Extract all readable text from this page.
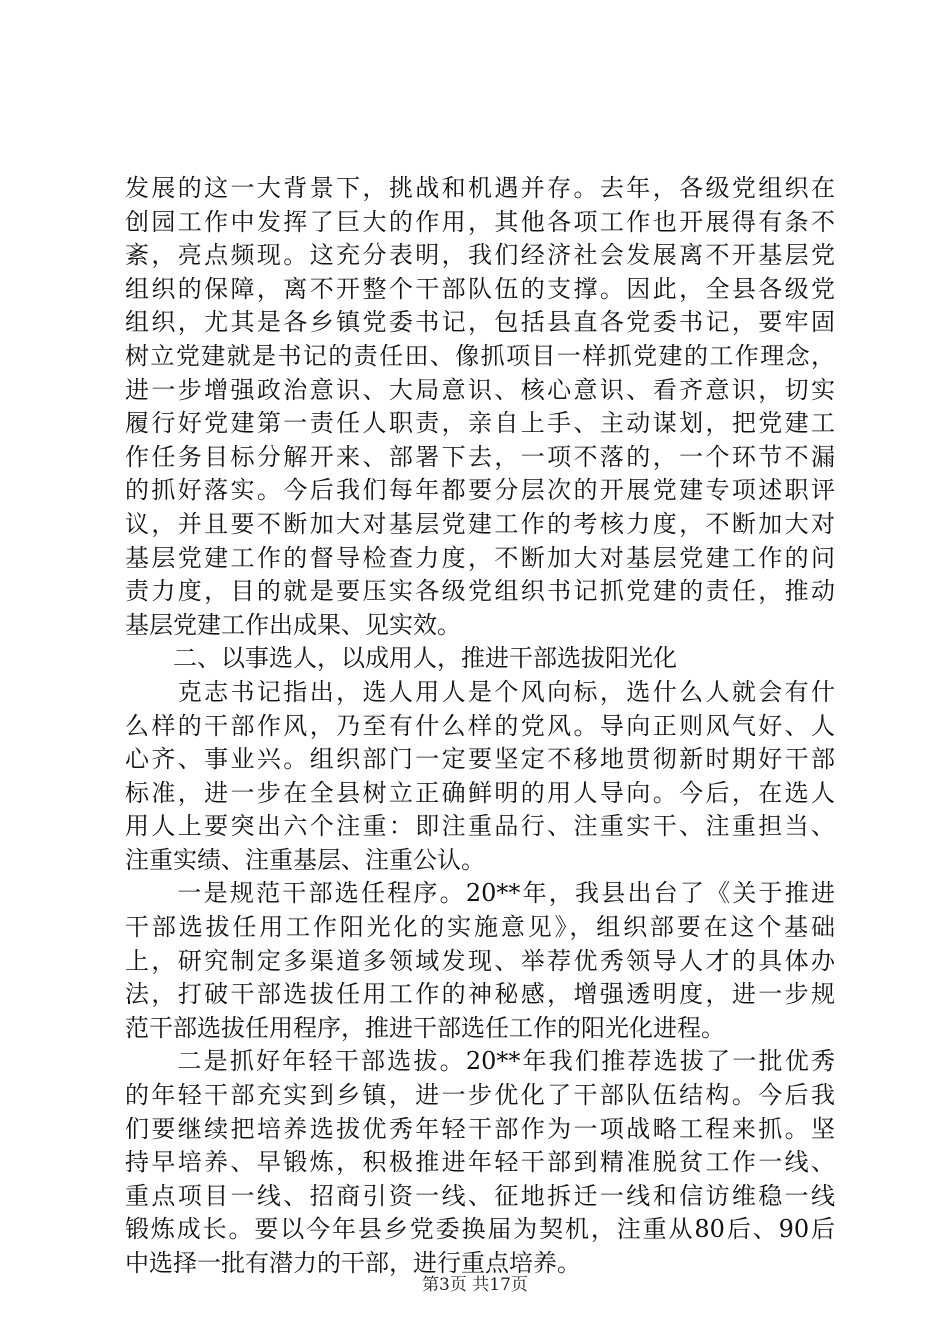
发展的这一大背景下，挑战和机遇并存。去年，各级党组织在
创园工作中发挥了巨大的作用，其他各项工作也开展得有条不
紊，亮点频现。这充分表明，我们经济社会发展离不开基层党
组织的保障，离不开整个干部队伍的支撑。因此，全县各级党
组织，尤其是各乡镇党委书记，包括县直各党委书记，要牢固
树立党建就是书记的责任田、像抓项目一样抓党建的工作理念，
进一步增强政治意识、大局意识、核心意识、看齐意识，切实
履行好党建第一责任人职责，亲自上手、主动谋划，把党建工
作任务目标分解开来、部署下去，一项不落的，一个环节不漏
的抓好落实。今后我们每年都要分层次的开展党建专项述职评
议，并且要不断加大对基层党建工作的考核力度，不断加大对
基层党建工作的督导检查力度，不断加大对基层党建工作的问
责力度，目的就是要压实各级党组织书记抓党建的责任，推动
基层党建工作出成果、见实效。
　　二、以事选人，以成用人，推进干部选拔阳光化
　　克志书记指出，选人用人是个风向标，选什么人就会有什
么样的干部作风，乃至有什么样的党风。导向正则风气好、人
心齐、事业兴。组织部门一定要坚定不移地贯彻新时期好干部
标准，进一步在全县树立正确鲜明的用人导向。今后，在选人
用人上要突出六个注重：即注重品行、注重实干、注重担当、
注重实绩、注重基层、注重公认。
　　一是规范干部选任程序。20**年，我县出台了《关于推进
干部选拔任用工作阳光化的实施意见》，组织部要在这个基础
上，研究制定多渠道多领域发现、举荐优秀领导人才的具体办
法，打破干部选拔任用工作的神秘感，增强透明度，进一步规
范干部选拔任用程序，推进干部选任工作的阳光化进程。
　　二是抓好年轻干部选拔。20**年我们推荐选拔了一批优秀
的年轻干部充实到乡镇，进一步优化了干部队伍结构。今后我
们要继续把培养选拔优秀年轻干部作为一项战略工程来抓。坚
持早培养、早锻炼，积极推进年轻干部到精准脱贫工作一线、
重点项目一线、招商引资一线、征地拆迁一线和信访维稳一线
锻炼成长。要以今年县乡党委换届为契机，注重从80后、90后
中选择一批有潜力的干部，进行重点培养。
第3页 共17页
